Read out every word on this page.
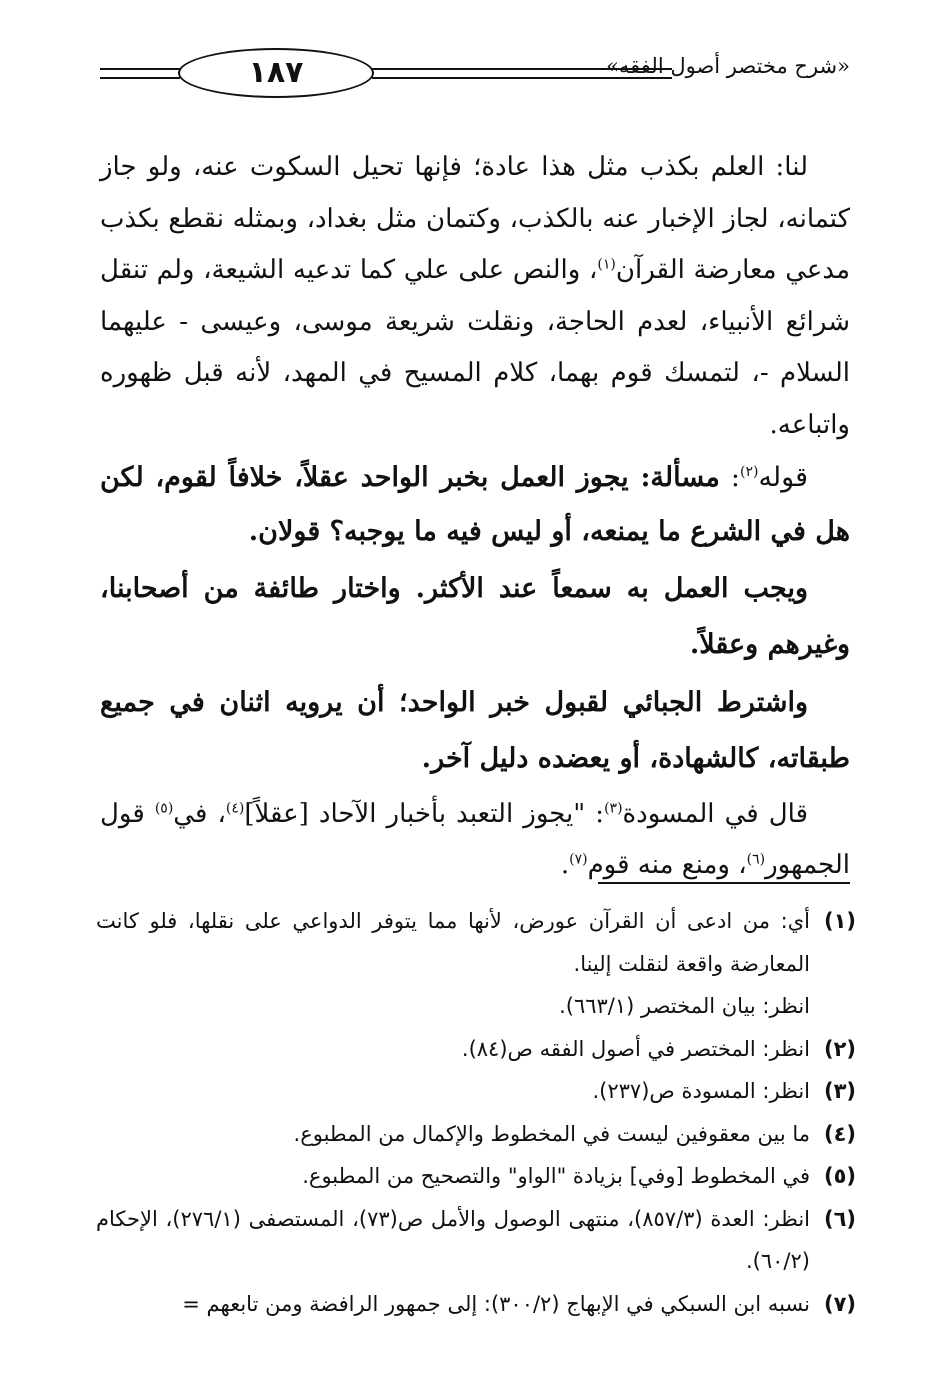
١٨٧	«شرح مختصر أصول الفقه»

لنا: العلم بكذب مثل هذا عادة؛ فإنها تحيل السكوت عنه، ولو جاز كتمانه، لجاز الإخبار عنه بالكذب، وكتمان مثل بغداد، وبمثله نقطع بكذب مدعي معارضة القرآن$^{(١)}$، والنص على علي كما تدعيه الشيعة، ولم تنقل شرائع الأنبياء، لعدم الحاجة، ونقلت شريعة موسى، وعيسى - عليهما السلام -، لتمسك قوم بهما، كلام المسيح في المهد، لأنه قبل ظهوره واتباعه.

قوله$^{(٢)}$: مسألة: يجوز العمل بخبر الواحد عقلاً، خلافاً لقوم، لكن هل في الشرع ما يمنعه، أو ليس فيه ما يوجبه؟ قولان.

ويجب العمل به سمعاً عند الأكثر. واختار طائفة من أصحابنا، وغيرهم وعقلاً.

واشترط الجبائي لقبول خبر الواحد؛ أن يرويه اثنان في جميع طبقاته، كالشهادة، أو يعضده دليل آخر.

قال في المسودة$^{(٣)}$: "يجوز التعبد بأخبار الآحاد [عقلاً]$^{(٤)}$، في$^{(٥)}$ قول الجمهور$^{(٦)}$، ومنع منه قوم$^{(٧)}$.

(١)
أي: من ادعى أن القرآن عورض، لأنها مما يتوفر الدواعي على نقلها، فلو كانت المعارضة واقعة لنقلت إلينا.
انظر: بيان المختصر (٦٦٣/١).
(٢)
انظر: المختصر في أصول الفقه ص(٨٤).
(٣)
انظر: المسودة ص(٢٣٧).
(٤)
ما بين معقوفين ليست في المخطوط والإكمال من المطبوع.
(٥)
في المخطوط [وفي] بزيادة "الواو" والتصحيح من المطبوع.
(٦)
انظر: العدة (٨٥٧/٣)، منتهى الوصول والأمل ص(٧٣)، المستصفى (٢٧٦/١)، الإحكام (٦٠/٢).
(٧)
نسبه ابن السبكي في الإبهاج (٣٠٠/٢): إلى جمهور الرافضة ومن تابعهم =
